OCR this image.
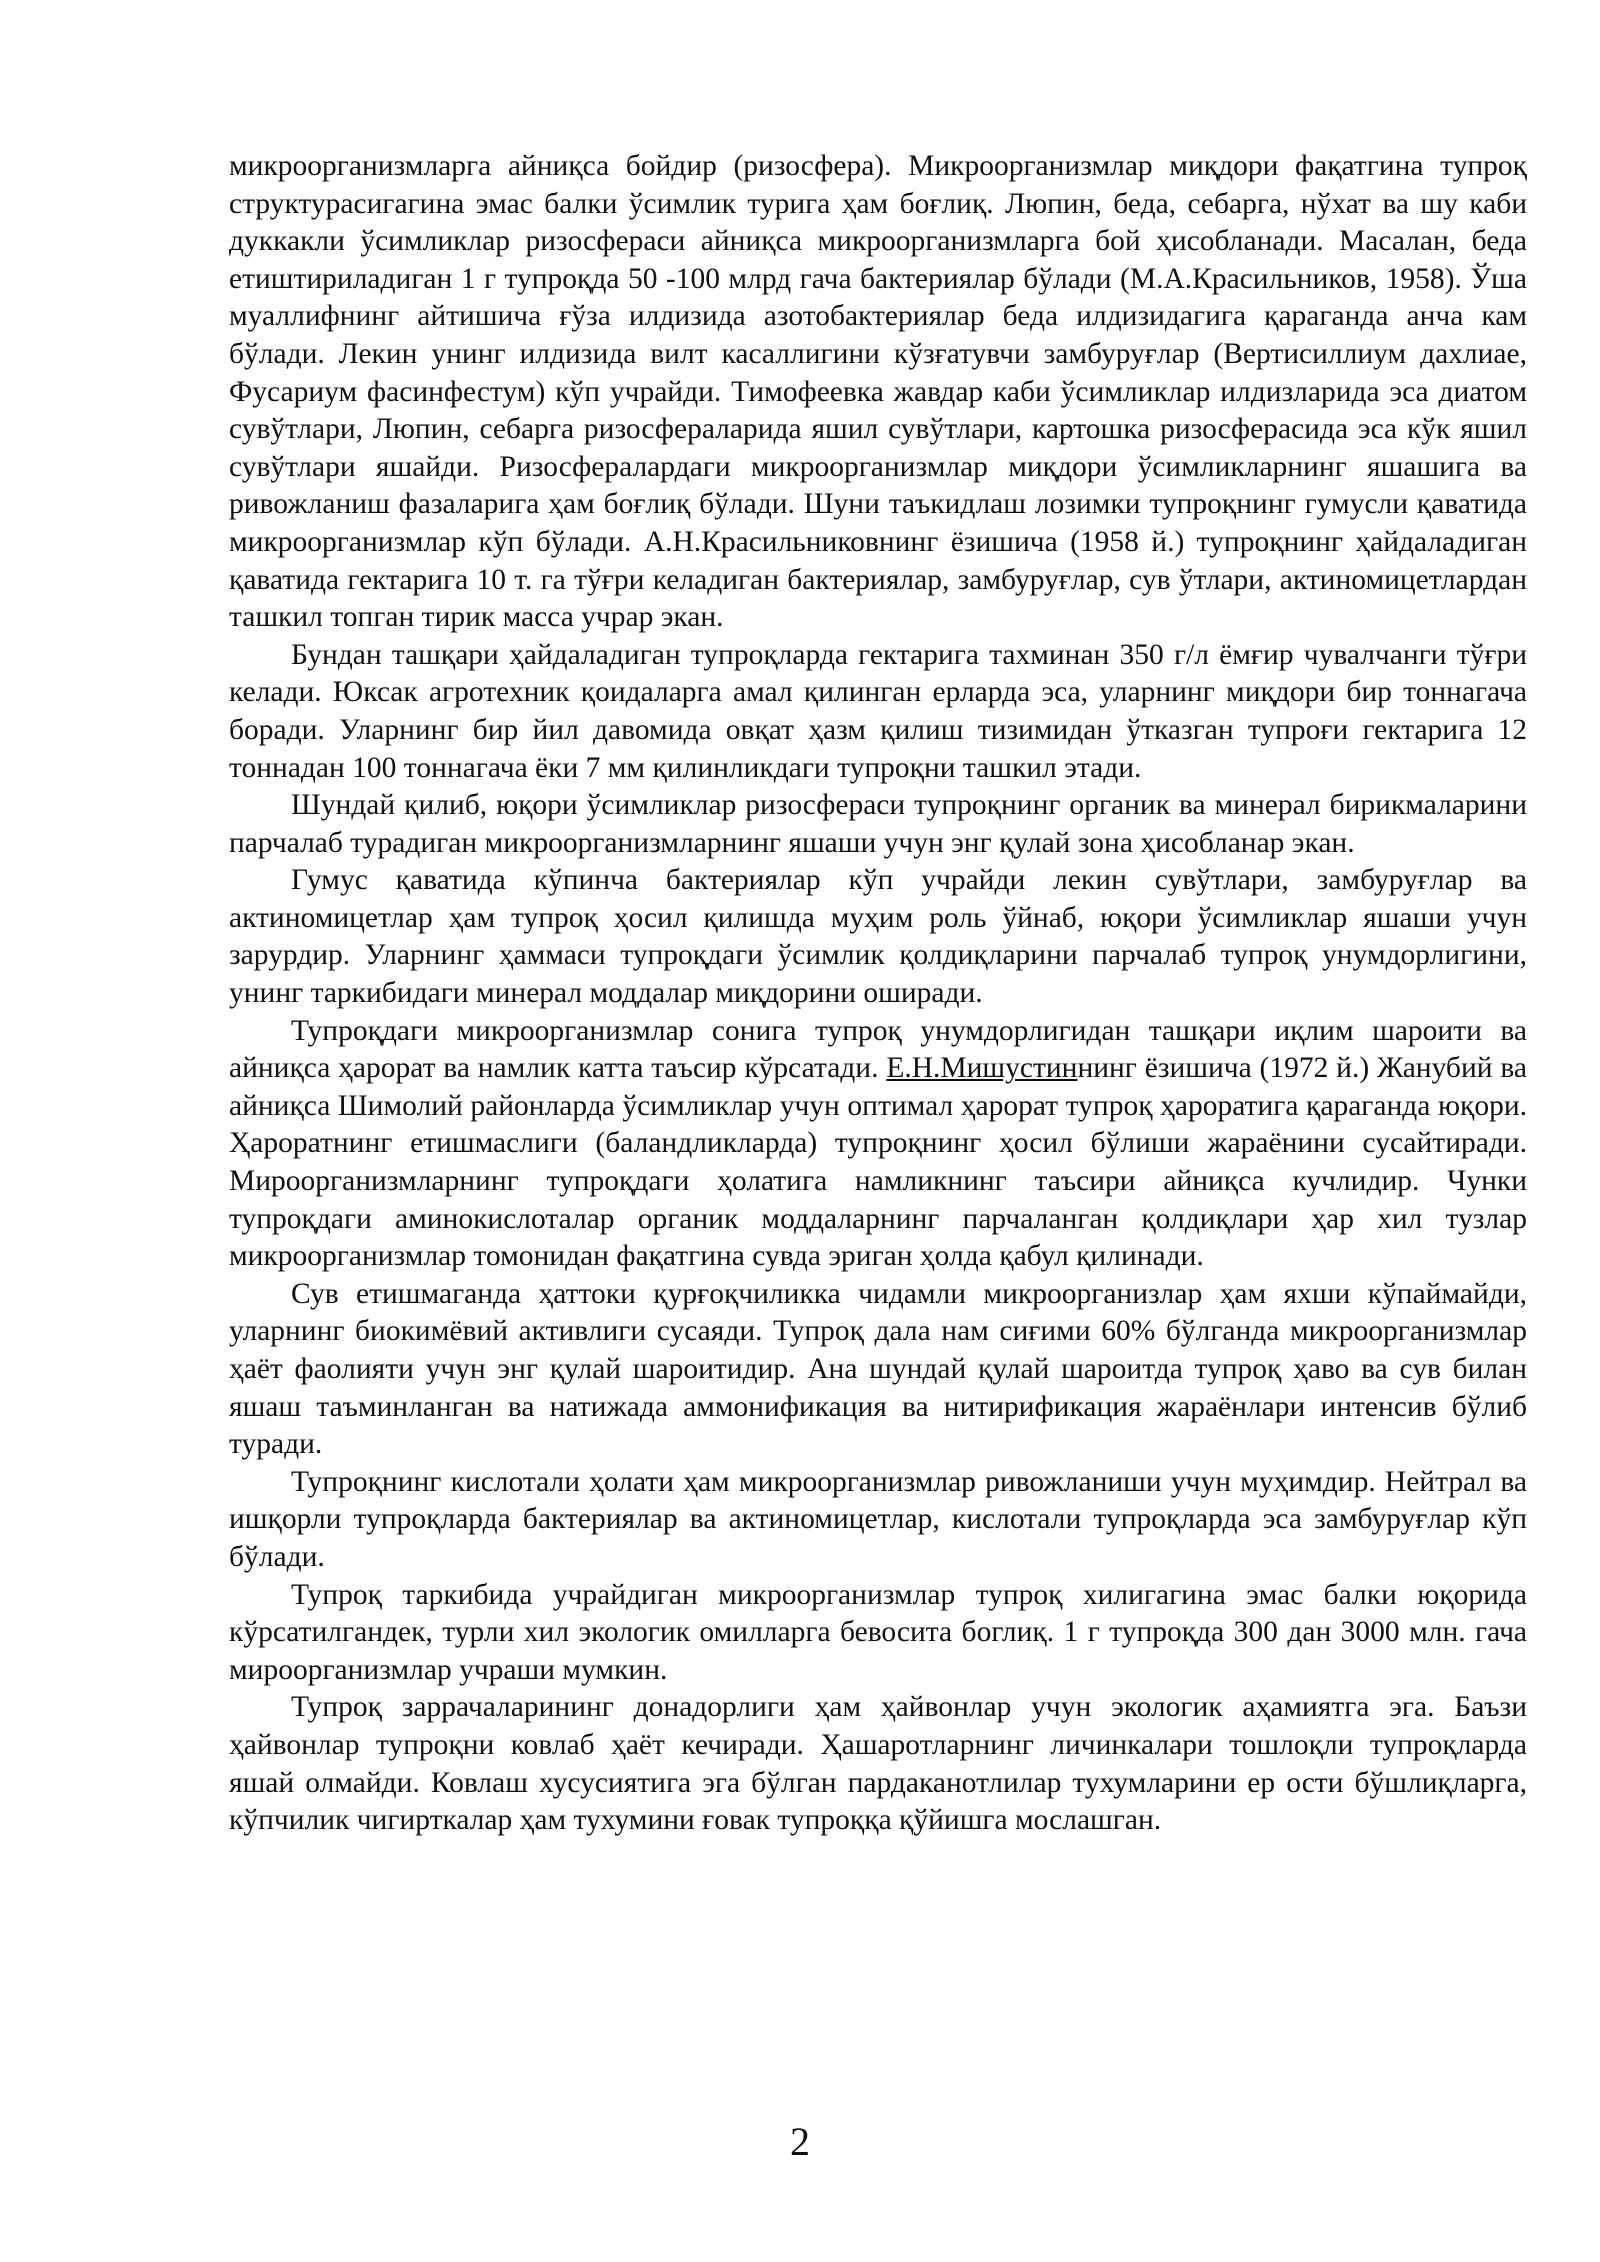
микроорганизмларга айниқса бойдир (ризосфера). Микроорганизмлар миқдори фақатгина тупроқ структурасигагина эмас балки ўсимлик турига ҳам боғлиқ. Люпин, беда, себарга, нўхат ва шу каби дуккакли ўсимликлар ризосфераси айниқса микроорганизмларга бой ҳисобланади. Масалан, беда етиштириладиган 1 г тупроқда 50 -100 млрд гача бактериялар бўлади (М.А.Красильников, 1958). Ўша муаллифнинг айтишича ғўза илдизида азотобактериялар беда илдизидагига қараганда анча кам бўлади. Лекин унинг илдизида вилт касаллигини кўзғатувчи замбуруғлар (Вертисиллиум дахлиае, Фусариум фасинфестум) кўп учрайди. Тимофеевка жавдар каби ўсимликлар илдизларида эса диатом сувўтлари, Люпин, себарга ризосфераларида яшил сувўтлари, картошка ризосферасида эса кўк яшил сувўтлари яшайди. Ризосфералардаги микроорганизмлар миқдори ўсимликларнинг яшашига ва ривожланиш фазаларига ҳам боғлиқ бўлади. Шуни таъкидлаш лозимки тупроқнинг гумусли қаватида микроорганизмлар кўп бўлади. А.Н.Красильниковнинг ёзишича (1958 й.) тупроқнинг ҳайдаладиган қаватида гектарига 10 т. га тўғри келадиган бактериялар, замбуруғлар, сув ўтлари, актиномицетлардан ташкил топган тирик масса учрар экан.

Бундан ташқари ҳайдаладиган тупроқларда гектарига тахминан 350 г/л ёмғир чувалчанги тўғри келади. Юксак агротехник қоидаларга амал қилинган ерларда эса, уларнинг миқдори бир тоннагача боради. Уларнинг бир йил давомида овқат ҳазм қилиш тизимидан ўтказган тупроғи гектарига 12 тоннадан 100 тоннагача ёки 7 мм қилинликдаги тупроқни ташкил этади.

Шундай қилиб, юқори ўсимликлар ризосфераси тупроқнинг органик ва минерал бирикмаларини парчалаб турадиган микроорганизмларнинг яшаши учун энг қулай зона ҳисобланар экан.

Гумус қаватида кўпинча бактериялар кўп учрайди лекин сувўтлари, замбуруғлар ва актиномицетлар ҳам тупроқ ҳосил қилишда муҳим роль ўйнаб, юқори ўсимликлар яшаши учун зарурдир. Уларнинг ҳаммаси тупроқдаги ўсимлик қолдиқларини парчалаб тупроқ унумдорлигини, унинг таркибидаги минерал моддалар миқдорини оширади.

Тупроқдаги микроорганизмлар сонига тупроқ унумдорлигидан ташқари иқлим шароити ва айниқса ҳарорат ва намлик катта таъсир кўрсатади. Е.Н.Мишустиннинг ёзишича (1972 й.) Жанубий ва айниқса Шимолий районларда ўсимликлар учун оптимал ҳарорат тупроқ ҳароратига қараганда юқори. Ҳароратнинг етишмаслиги (баландликларда) тупроқнинг ҳосил бўлиши жараёнини сусайтиради. Мироорганизмларнинг тупроқдаги ҳолатига намликнинг таъсири айниқса кучлидир. Чунки тупроқдаги аминокислоталар органик моддаларнинг парчаланган қолдиқлари ҳар хил тузлар микроорганизмлар томонидан фақатгина сувда эриган ҳолда қабул қилинади.

Сув етишмаганда ҳаттоки қурғоқчиликка чидамли микроорганизлар ҳам яхши кўпаймайди, уларнинг биокимёвий активлиги сусаяди. Тупроқ дала нам сиғими 60% бўлганда микроорганизмлар ҳаёт фаолияти учун энг қулай шароитидир. Ана шундай қулай шароитда тупроқ ҳаво ва сув билан яшаш таъминланган ва натижада аммонификация ва нитирификация жараёнлари интенсив бўлиб туради.

Тупроқнинг кислотали ҳолати ҳам микроорганизмлар ривожланиши учун муҳимдир. Нейтрал ва ишқорли тупроқларда бактериялар ва актиномицетлар, кислотали тупроқларда эса замбуруғлар кўп бўлади.

Тупроқ таркибида учрайдиган микроорганизмлар тупроқ хилигагина эмас балки юқорида кўрсатилгандек, турли хил экологик омилларга бевосита боглиқ. 1 г тупроқда 300 дан 3000 млн. гача мироорганизмлар учраши мумкин.

Тупроқ заррачаларининг донадорлиги ҳам ҳайвонлар учун экологик аҳамиятга эга. Баъзи ҳайвонлар тупроқни ковлаб ҳаёт кечиради. Ҳашаротларнинг личинкалари тошлоқли тупроқларда яшай олмайди. Ковлаш хусусиятига эга бўлган пардаканотлилар тухумларини ер ости бўшлиқларга, кўпчилик чигирткалар ҳам тухумини ғовак тупроққа қўйишга мослашган.

2
